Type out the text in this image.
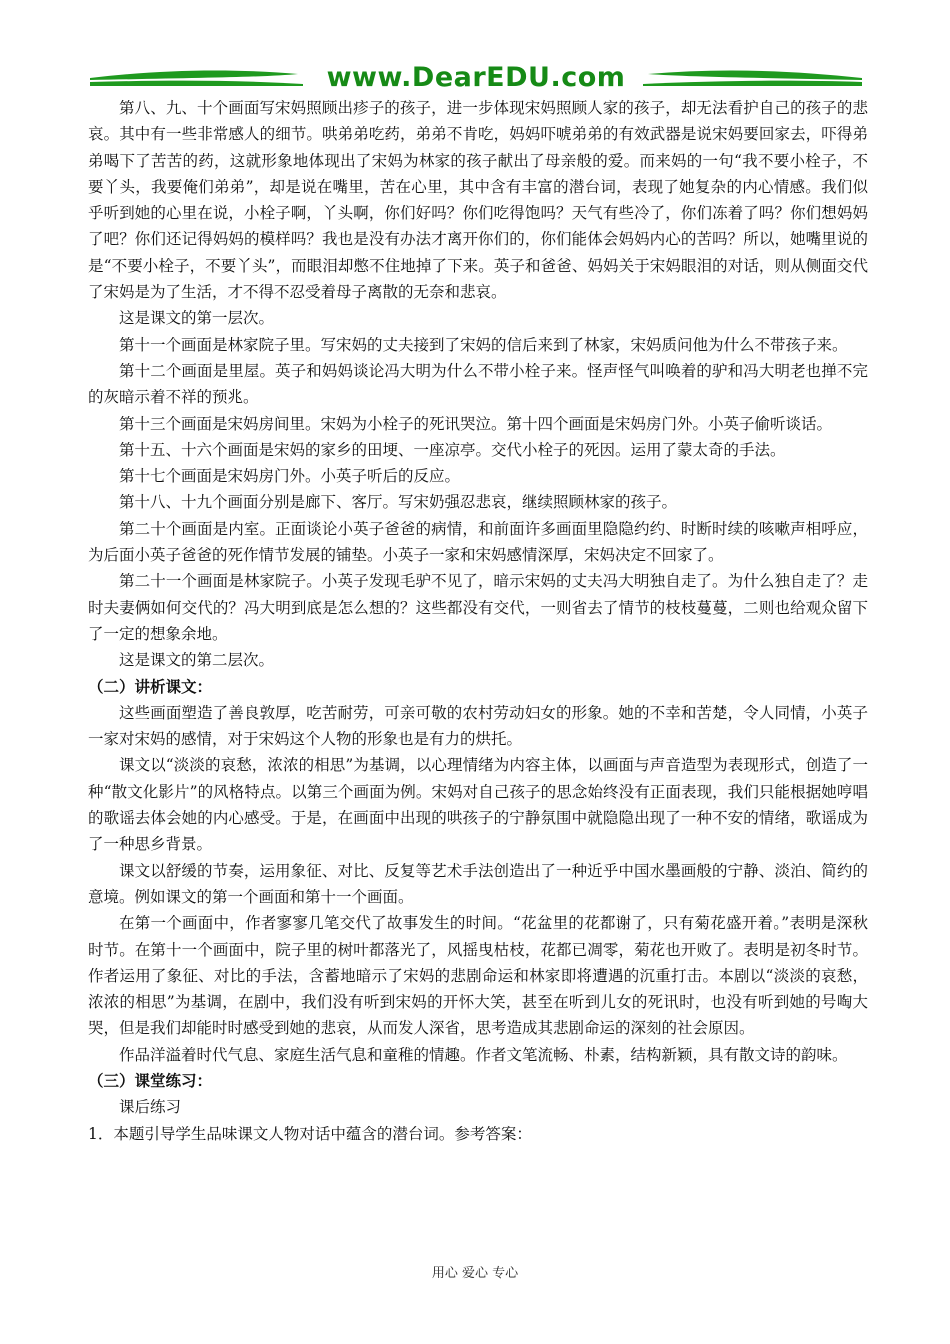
www.DearEDU.com

第八、九、十个画面写宋妈照顾出疹子的孩子，进一步体现宋妈照顾人家的孩子，却无法看护自己的孩子的悲哀。其中有一些非常感人的细节。哄弟弟吃药，弟弟不肯吃，妈妈吓唬弟弟的有效武器是说宋妈要回家去，吓得弟弟喝下了苦苦的药，这就形象地体现出了宋妈为林家的孩子献出了母亲般的爱。而来妈的一句“我不要小栓子，不要丫头，我要俺们弟弟”，却是说在嘴里，苦在心里，其中含有丰富的潜台词，表现了她复杂的内心情感。我们似乎听到她的心里在说，小栓子啊，丫头啊，你们好吗？你们吃得饱吗？天气有些冷了，你们冻着了吗？你们想妈妈了吧？你们还记得妈妈的模样吗？我也是没有办法才离开你们的，你们能体会妈妈内心的苦吗？所以，她嘴里说的是“不要小栓子，不要丫头”，而眼泪却憋不住地掉了下来。英子和爸爸、妈妈关于宋妈眼泪的对话，则从侧面交代了宋妈是为了生活，才不得不忍受着母子离散的无奈和悲哀。

这是课文的第一层次。

第十一个画面是林家院子里。写宋妈的丈夫接到了宋妈的信后来到了林家，宋妈质问他为什么不带孩子来。

第十二个画面是里屋。英子和妈妈谈论冯大明为什么不带小栓子来。怪声怪气叫唤着的驴和冯大明老也掸不完的灰暗示着不祥的预兆。

第十三个画面是宋妈房间里。宋妈为小栓子的死讯哭泣。第十四个画面是宋妈房门外。小英子偷听谈话。

第十五、十六个画面是宋妈的家乡的田埂、一座凉亭。交代小栓子的死因。运用了蒙太奇的手法。

第十七个画面是宋妈房门外。小英子听后的反应。

第十八、十九个画面分别是廊下、客厅。写宋奶强忍悲哀，继续照顾林家的孩子。

第二十个画面是内室。正面谈论小英子爸爸的病情，和前面许多画面里隐隐约约、时断时续的咳嗽声相呼应，为后面小英子爸爸的死作情节发展的铺垫。小英子一家和宋妈感情深厚，宋妈决定不回家了。

第二十一个画面是林家院子。小英子发现毛驴不见了，暗示宋妈的丈夫冯大明独自走了。为什么独自走了？走时夫妻俩如何交代的？冯大明到底是怎么想的？这些都没有交代，一则省去了情节的枝枝蔓蔓，二则也给观众留下了一定的想象余地。

这是课文的第二层次。

（二）讲析课文：

这些画面塑造了善良敦厚，吃苦耐劳，可亲可敬的农村劳动妇女的形象。她的不幸和苦楚，令人同情，小英子一家对宋妈的感情，对于宋妈这个人物的形象也是有力的烘托。

课文以“淡淡的哀愁，浓浓的相思”为基调，以心理情绪为内容主体，以画面与声音造型为表现形式，创造了一种“散文化影片”的风格特点。以第三个画面为例。宋妈对自己孩子的思念始终没有正面表现，我们只能根据她哼唱的歌谣去体会她的内心感受。于是，在画面中出现的哄孩子的宁静氛围中就隐隐出现了一种不安的情绪，歌谣成为了一种思乡背景。

课文以舒缓的节奏，运用象征、对比、反复等艺术手法创造出了一种近乎中国水墨画般的宁静、淡泊、简约的意境。例如课文的第一个画面和第十一个画面。

在第一个画面中，作者寥寥几笔交代了故事发生的时间。“花盆里的花都谢了，只有菊花盛开着。”表明是深秋时节。在第十一个画面中，院子里的树叶都落光了，风摇曳枯枝，花都已凋零，菊花也开败了。表明是初冬时节。作者运用了象征、对比的手法，含蓄地暗示了宋妈的悲剧命运和林家即将遭遇的沉重打击。本剧以“淡淡的哀愁，浓浓的相思”为基调，在剧中，我们没有听到宋妈的开怀大笑，甚至在听到儿女的死讯时，也没有听到她的号啕大哭，但是我们却能时时感受到她的悲哀，从而发人深省，思考造成其悲剧命运的深刻的社会原因。

作品洋溢着时代气息、家庭生活气息和童稚的情趣。作者文笔流畅、朴素，结构新颖，具有散文诗的韵味。

（三）课堂练习：

课后练习

1．本题引导学生品味课文人物对话中蕴含的潜台词。参考答案：

用心 爱心 专心
